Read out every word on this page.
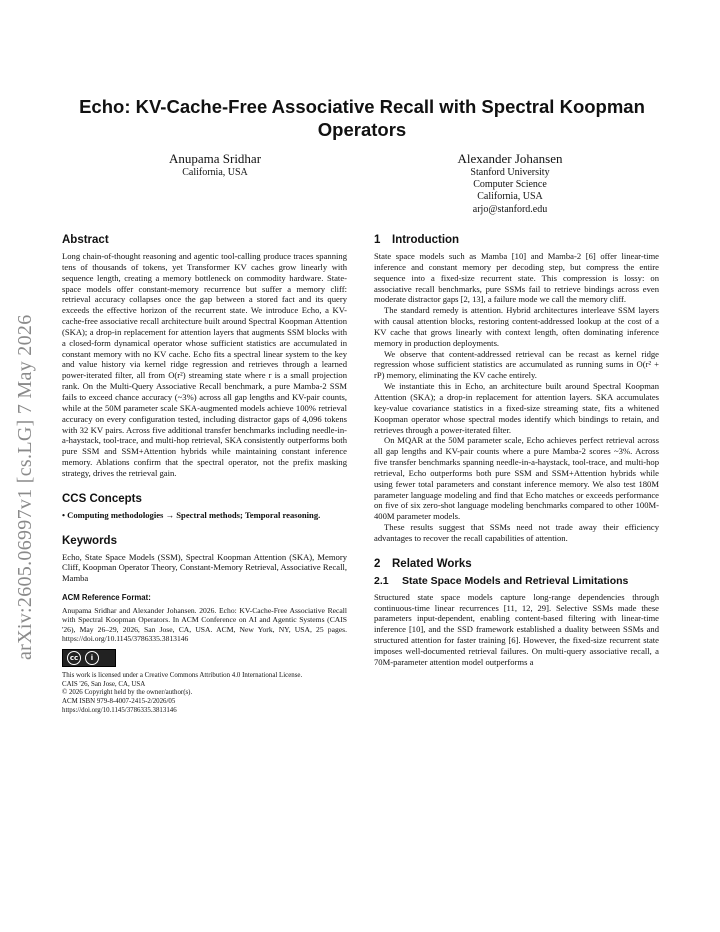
arXiv:2605.06997v1 [cs.LG] 7 May 2026
Echo: KV-Cache-Free Associative Recall with Spectral Koopman Operators
Anupama Sridhar
California, USA
Alexander Johansen
Stanford University
Computer Science
California, USA
arjo@stanford.edu
Abstract

Long chain-of-thought reasoning and agentic tool-calling produce traces spanning tens of thousands of tokens, yet Transformer KV caches grow linearly with sequence length, creating a memory bottleneck on commodity hardware. State-space models offer constant-memory recurrence but suffer a memory cliff: retrieval accuracy collapses once the gap between a stored fact and its query exceeds the effective horizon of the recurrent state. We introduce Echo, a KV-cache-free associative recall architecture built around Spectral Koopman Attention (SKA); a drop-in replacement for attention layers that augments SSM blocks with a closed-form dynamical operator whose sufficient statistics are accumulated in constant memory with no KV cache. Echo fits a spectral linear system to the key and value history via kernel ridge regression and retrieves through a learned power-iterated filter, all from O(r²) streaming state where r is a small projection rank. On the Multi-Query Associative Recall benchmark, a pure Mamba-2 SSM fails to exceed chance accuracy (~3%) across all gap lengths and KV-pair counts, while at the 50M parameter scale SKA-augmented models achieve 100% retrieval accuracy on every configuration tested, including distractor gaps of 4,096 tokens with 32 KV pairs. Across five additional transfer benchmarks including needle-in-a-haystack, tool-trace, and multi-hop retrieval, SKA consistently outperforms both pure SSM and SSM+Attention hybrids while maintaining constant inference memory. Ablations confirm that the spectral operator, not the prefix masking strategy, drives the retrieval gain.

CCS Concepts

• Computing methodologies → Spectral methods; Temporal reasoning.

Keywords

Echo, State Space Models (SSM), Spectral Koopman Attention (SKA), Memory Cliff, Koopman Operator Theory, Constant-Memory Retrieval, Associative Recall, Mamba

ACM Reference Format:

Anupama Sridhar and Alexander Johansen. 2026. Echo: KV-Cache-Free Associative Recall with Spectral Koopman Operators. In ACM Conference on AI and Agentic Systems (CAIS '26), May 26–29, 2026, San Jose, CA, USA. ACM, New York, NY, USA, 25 pages. https://doi.org/10.1145/3786335.3813146

cc	i
This work is licensed under a Creative Commons Attribution 4.0 International License.
CAIS '26, San Jose, CA, USA
© 2026 Copyright held by the owner/author(s).
ACM ISBN 979-8-4007-2415-2/2026/05
https://doi.org/10.1145/3786335.3813146
1 Introduction

State space models such as Mamba [10] and Mamba-2 [6] offer linear-time inference and constant memory per decoding step, but compress the entire sequence into a fixed-size recurrent state. This compression is lossy: on associative recall benchmarks, pure SSMs fail to retrieve bindings across even moderate distractor gaps [2, 13], a failure mode we call the memory cliff.

The standard remedy is attention. Hybrid architectures interleave SSM layers with causal attention blocks, restoring content-addressed lookup at the cost of a KV cache that grows linearly with context length, often dominating inference memory in production deployments.

We observe that content-addressed retrieval can be recast as kernel ridge regression whose sufficient statistics are accumulated as running sums in O(r² + rP) memory, eliminating the KV cache entirely.

We instantiate this in Echo, an architecture built around Spectral Koopman Attention (SKA); a drop-in replacement for attention layers. SKA accumulates key-value covariance statistics in a fixed-size streaming state, fits a whitened Koopman operator whose spectral modes identify which bindings to retain, and retrieves through a power-iterated filter.

On MQAR at the 50M parameter scale, Echo achieves perfect retrieval across all gap lengths and KV-pair counts where a pure Mamba-2 scores ~3%. Across five transfer benchmarks spanning needle-in-a-haystack, tool-trace, and multi-hop retrieval, Echo outperforms both pure SSM and SSM+Attention hybrids while using fewer total parameters and constant inference memory. We also test 180M parameter language modeling and find that Echo matches or exceeds performance on five of six zero-shot language modeling benchmarks compared to other 100M-400M parameter models.

These results suggest that SSMs need not trade away their efficiency advantages to recover the recall capabilities of attention.

2 Related Works
2.1 State Space Models and Retrieval Limitations

Structured state space models capture long-range dependencies through continuous-time linear recurrences [11, 12, 29]. Selective SSMs made these parameters input-dependent, enabling content-based filtering with linear-time inference [10], and the SSD framework established a duality between SSMs and structured attention for faster training [6]. However, the fixed-size recurrent state imposes well-documented retrieval failures. On multi-query associative recall, a 70M-parameter attention model outperforms a
